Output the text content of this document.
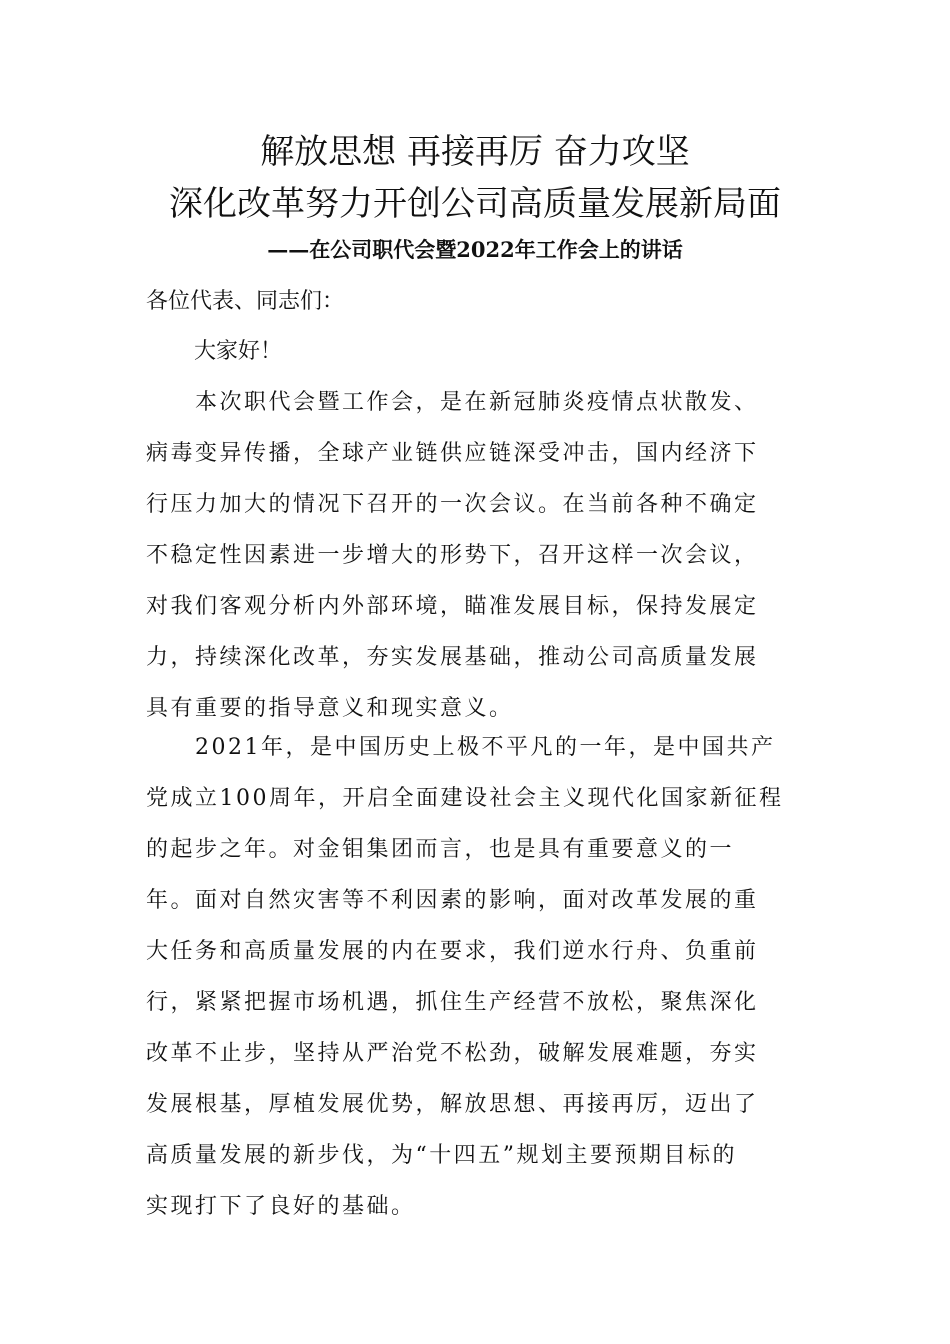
解放思想 再接再厉 奋力攻坚
深化改革努力开创公司高质量发展新局面
——在公司职代会暨2022年工作会上的讲话
各位代表、同志们：
大家好！
　　本次职代会暨工作会，是在新冠肺炎疫情点状散发、
病毒变异传播，全球产业链供应链深受冲击，国内经济下
行压力加大的情况下召开的一次会议。在当前各种不确定
不稳定性因素进一步增大的形势下，召开这样一次会议，
对我们客观分析内外部环境，瞄准发展目标，保持发展定
力，持续深化改革，夯实发展基础，推动公司高质量发展
具有重要的指导意义和现实意义。
　　2021年，是中国历史上极不平凡的一年，是中国共产
党成立100周年，开启全面建设社会主义现代化国家新征程
的起步之年。对金钼集团而言，也是具有重要意义的一
年。面对自然灾害等不利因素的影响，面对改革发展的重
大任务和高质量发展的内在要求，我们逆水行舟、负重前
行，紧紧把握市场机遇，抓住生产经营不放松，聚焦深化
改革不止步，坚持从严治党不松劲，破解发展难题，夯实
发展根基，厚植发展优势，解放思想、再接再厉，迈出了
高质量发展的新步伐，为“十四五”规划主要预期目标的
实现打下了良好的基础。
